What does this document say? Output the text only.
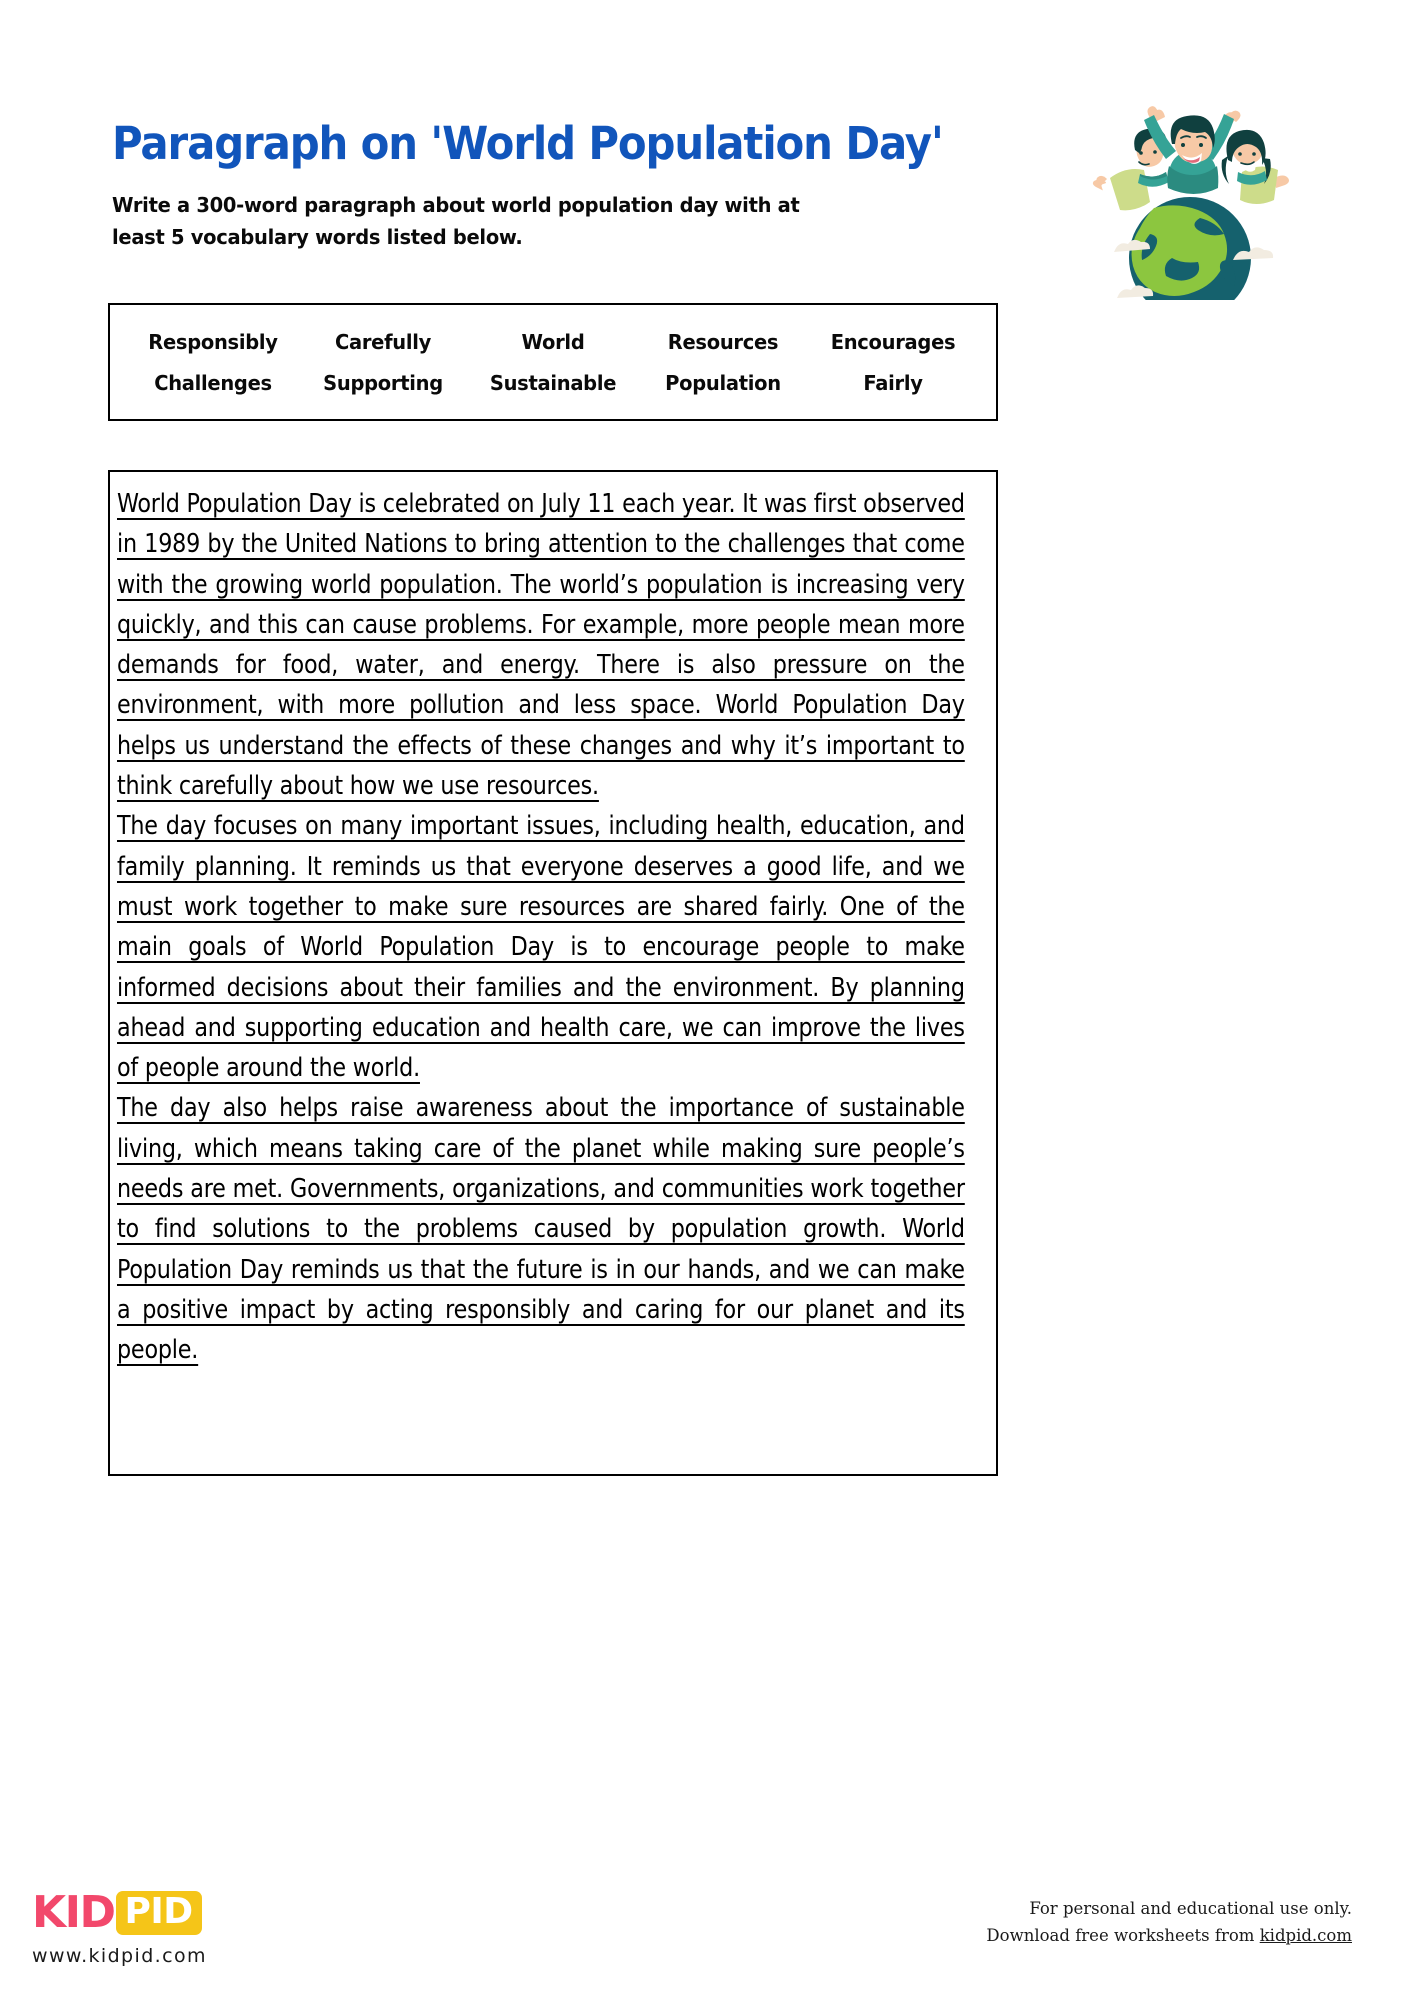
Paragraph on 'World Population Day'
Write a 300-word paragraph about world population day with at least 5 vocabulary words listed below.
Responsibly	Carefully	World	Resources	Encourages
Challenges	Supporting	Sustainable	Population	Fairly

World Population Day is celebrated on July 11 each year. It was first observed in 1989 by the United Nations to bring attention to the challenges that come with the growing world population. The world’s population is increasing very quickly, and this can cause problems. For example, more people mean more demands for food, water, and energy. There is also pressure on the environment, with more pollution and less space. World Population Day helps us understand the effects of these changes and why it’s important to think carefully about how we use resources.

The day focuses on many important issues, including health, education, and family planning. It reminds us that everyone deserves a good life, and we must work together to make sure resources are shared fairly. One of the main goals of World Population Day is to encourage people to make informed decisions about their families and the environment. By planning ahead and supporting education and health care, we can improve the lives of people around the world.

The day also helps raise awareness about the importance of sustainable living, which means taking care of the planet while making sure people’s needs are met. Governments, organizations, and communities work together to find solutions to the problems caused by population growth. World Population Day reminds us that the future is in our hands, and we can make a positive impact by acting responsibly and caring for our planet and its people.

KID PID
www.kidpid.com
For personal and educational use only.
Download free worksheets from kidpid.com
